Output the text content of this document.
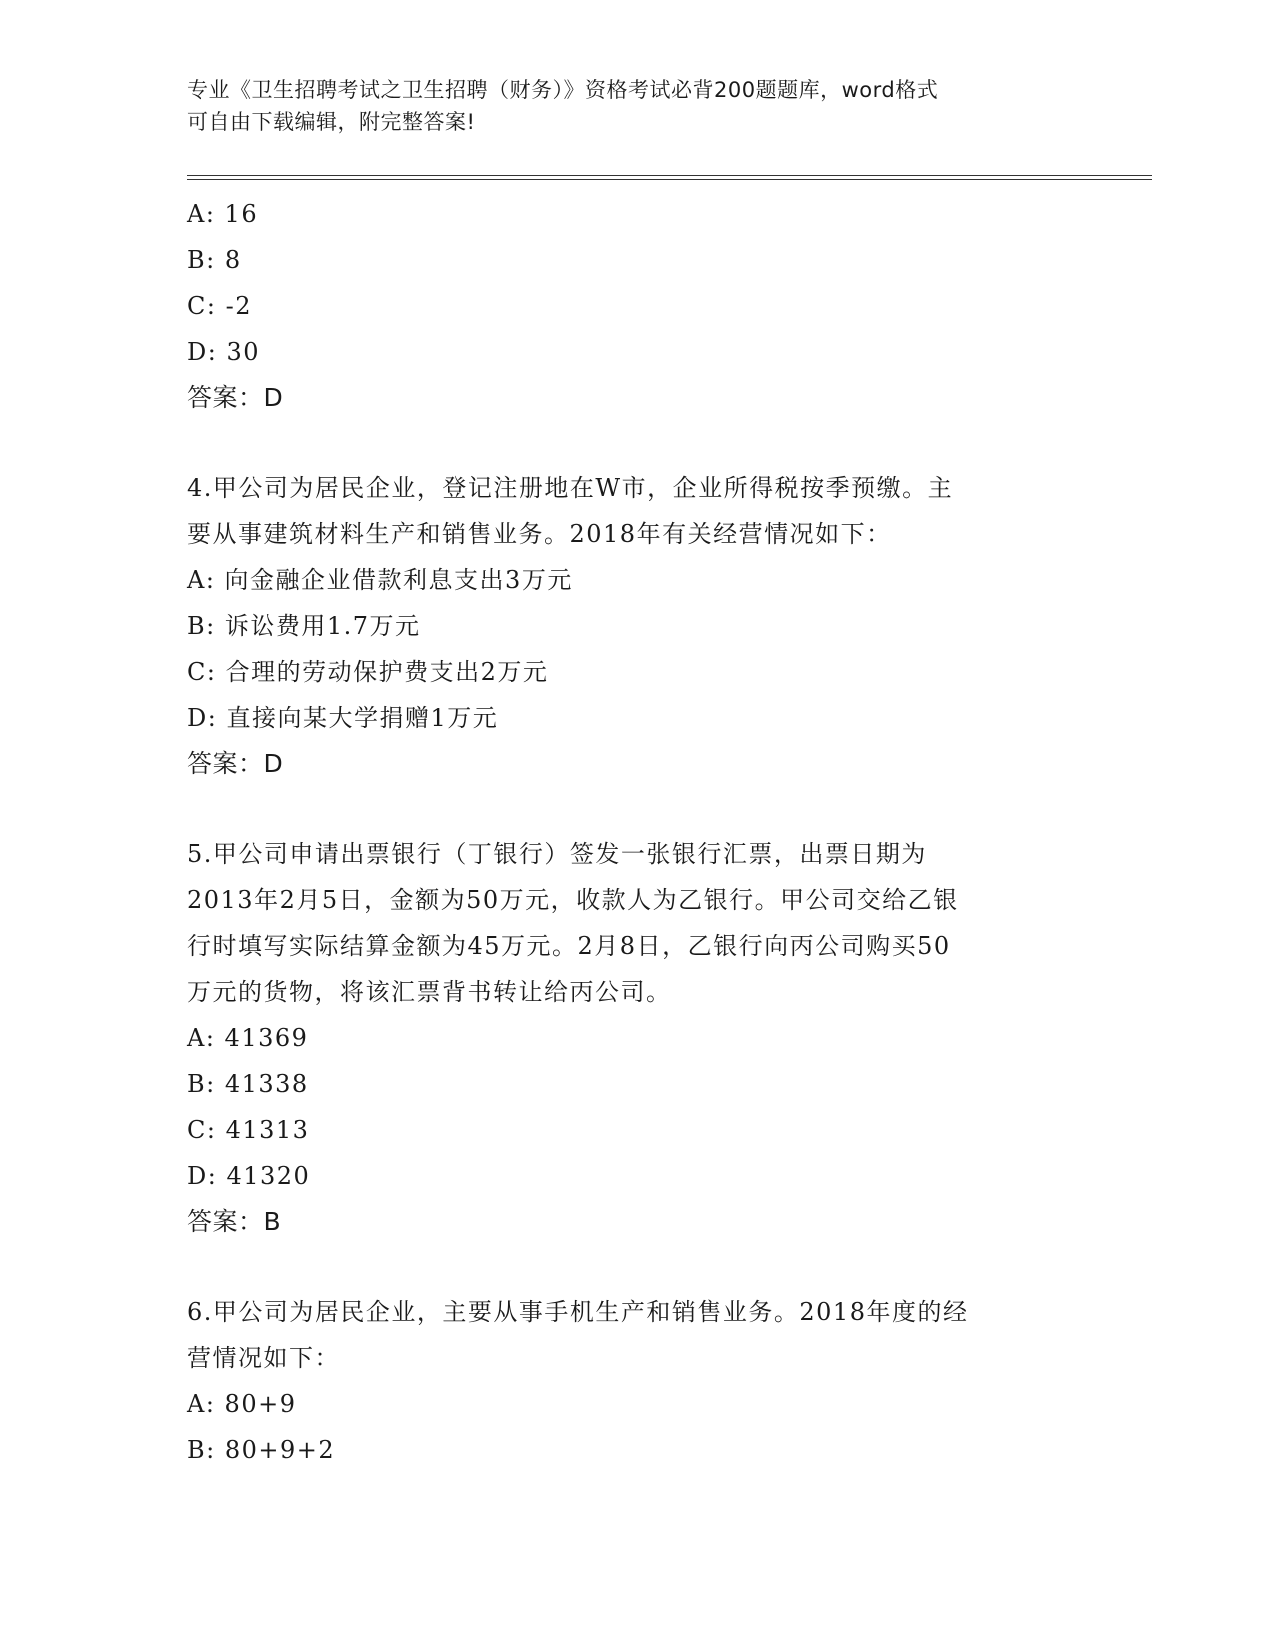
专业《卫生招聘考试之卫生招聘（财务）》资格考试必背200题题库，word格式
可自由下载编辑，附完整答案!
A: 16
B: 8
C: -2
D: 30
答案：D
4.甲公司为居民企业，登记注册地在W市，企业所得税按季预缴。主
要从事建筑材料生产和销售业务。2018年有关经营情况如下：
A: 向金融企业借款利息支出3万元
B: 诉讼费用1.7万元
C: 合理的劳动保护费支出2万元
D: 直接向某大学捐赠1万元
答案：D
5.甲公司申请出票银行（丁银行）签发一张银行汇票，出票日期为
2013年2月5日，金额为50万元，收款人为乙银行。甲公司交给乙银
行时填写实际结算金额为45万元。2月8日，乙银行向丙公司购买50
万元的货物，将该汇票背书转让给丙公司。
A: 41369
B: 41338
C: 41313
D: 41320
答案：B
6.甲公司为居民企业，主要从事手机生产和销售业务。2018年度的经
营情况如下：
A: 80+9
B: 80+9+2
